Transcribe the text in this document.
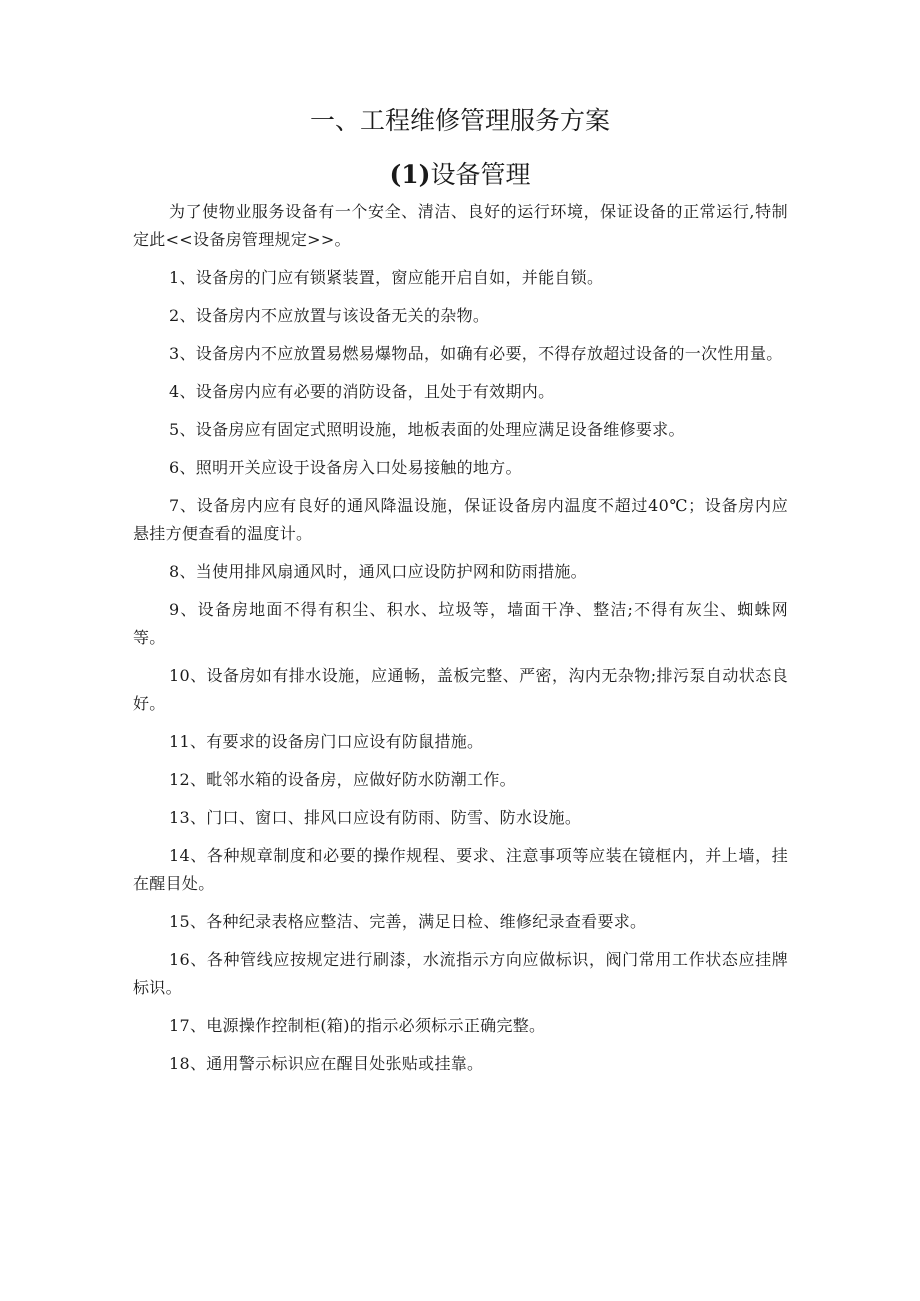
一、工程维修管理服务方案
(1)设备管理

为了使物业服务设备有一个安全、清洁、良好的运行环境，保证设备的正常运行,特制定此<<设备房管理规定>>。

1、设备房的门应有锁紧装置，窗应能开启自如，并能自锁。

2、设备房内不应放置与该设备无关的杂物。

3、设备房内不应放置易燃易爆物品，如确有必要，不得存放超过设备的一次性用量。

4、设备房内应有必要的消防设备，且处于有效期内。

5、设备房应有固定式照明设施，地板表面的处理应满足设备维修要求。

6、照明开关应设于设备房入口处易接触的地方。

7、设备房内应有良好的通风降温设施，保证设备房内温度不超过40℃；设备房内应悬挂方便查看的温度计。

8、当使用排风扇通风时，通风口应设防护网和防雨措施。

9、设备房地面不得有积尘、积水、垃圾等，墙面干净、整洁;不得有灰尘、蜘蛛网等。

10、设备房如有排水设施，应通畅，盖板完整、严密，沟内无杂物;排污泵自动状态良好。

11、有要求的设备房门口应设有防鼠措施。

12、毗邻水箱的设备房，应做好防水防潮工作。

13、门口、窗口、排风口应设有防雨、防雪、防水设施。

14、各种规章制度和必要的操作规程、要求、注意事项等应装在镜框内，并上墙，挂在醒目处。

15、各种纪录表格应整洁、完善，满足日检、维修纪录查看要求。

16、各种管线应按规定进行刷漆，水流指示方向应做标识，阀门常用工作状态应挂牌标识。

17、电源操作控制柜(箱)的指示必须标示正确完整。

18、通用警示标识应在醒目处张贴或挂靠。
